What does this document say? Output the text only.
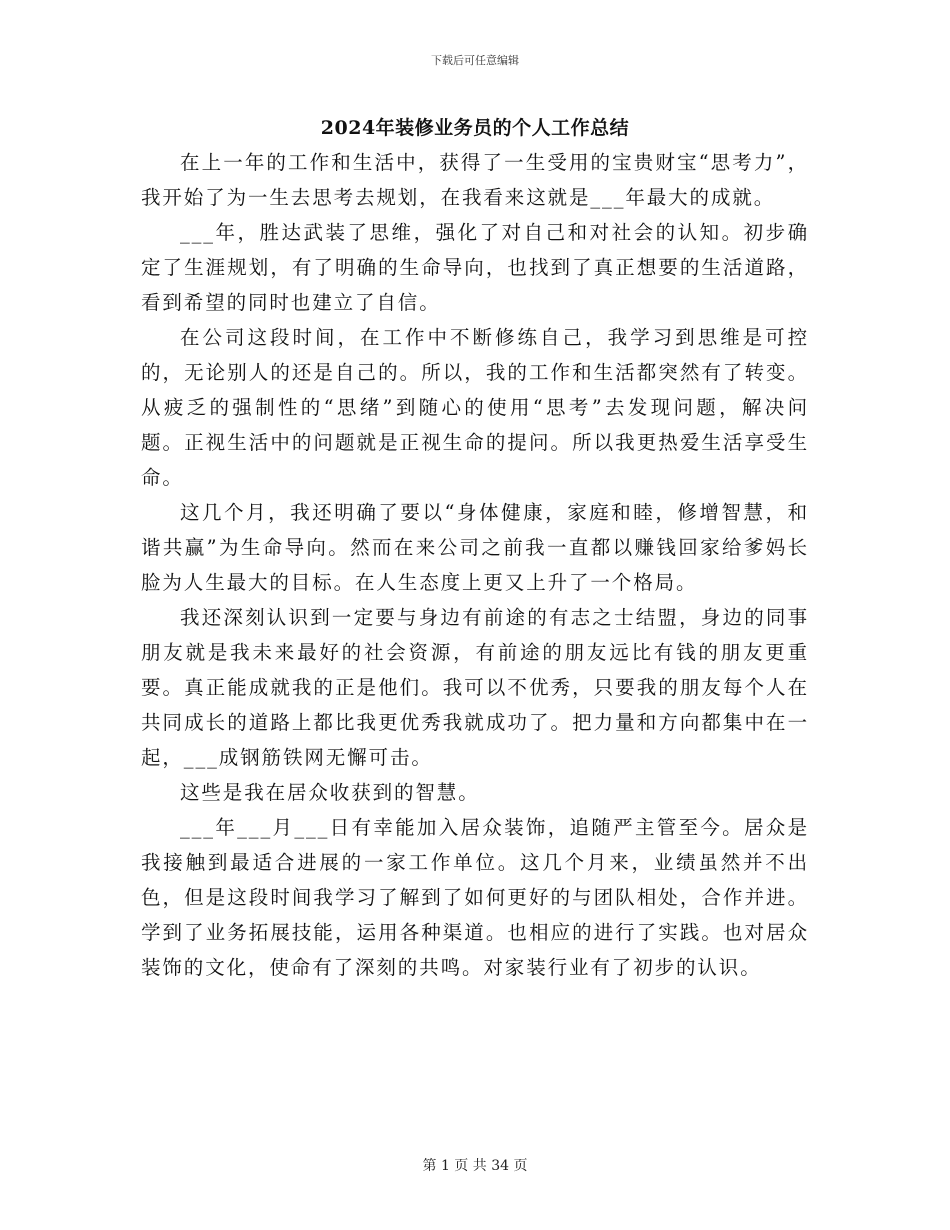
下载后可任意编辑
2024年装修业务员的个人工作总结

在上一年的工作和生活中，获得了一生受用的宝贵财宝“思考力”，我开始了为一生去思考去规划，在我看来这就是___年最大的成就。

___年，胜达武装了思维，强化了对自己和对社会的认知。初步确定了生涯规划，有了明确的生命导向，也找到了真正想要的生活道路，看到希望的同时也建立了自信。

在公司这段时间，在工作中不断修练自己，我学习到思维是可控的，无论别人的还是自己的。所以，我的工作和生活都突然有了转变。从疲乏的强制性的“思绪”到随心的使用“思考”去发现问题，解决问题。正视生活中的问题就是正视生命的提问。所以我更热爱生活享受生命。

这几个月，我还明确了要以“身体健康，家庭和睦，修增智慧，和谐共赢”为生命导向。然而在来公司之前我一直都以赚钱回家给爹妈长脸为人生最大的目标。在人生态度上更又上升了一个格局。

我还深刻认识到一定要与身边有前途的有志之士结盟，身边的同事朋友就是我未来最好的社会资源，有前途的朋友远比有钱的朋友更重要。真正能成就我的正是他们。我可以不优秀，只要我的朋友每个人在共同成长的道路上都比我更优秀我就成功了。把力量和方向都集中在一起，___成钢筋铁网无懈可击。

这些是我在居众收获到的智慧。

___年___月___日有幸能加入居众装饰，追随严主管至今。居众是我接触到最适合进展的一家工作单位。这几个月来，业绩虽然并不出色，但是这段时间我学习了解到了如何更好的与团队相处，合作并进。学到了业务拓展技能，运用各种渠道。也相应的进行了实践。也对居众装饰的文化，使命有了深刻的共鸣。对家装行业有了初步的认识。

第 1 页 共 34 页
